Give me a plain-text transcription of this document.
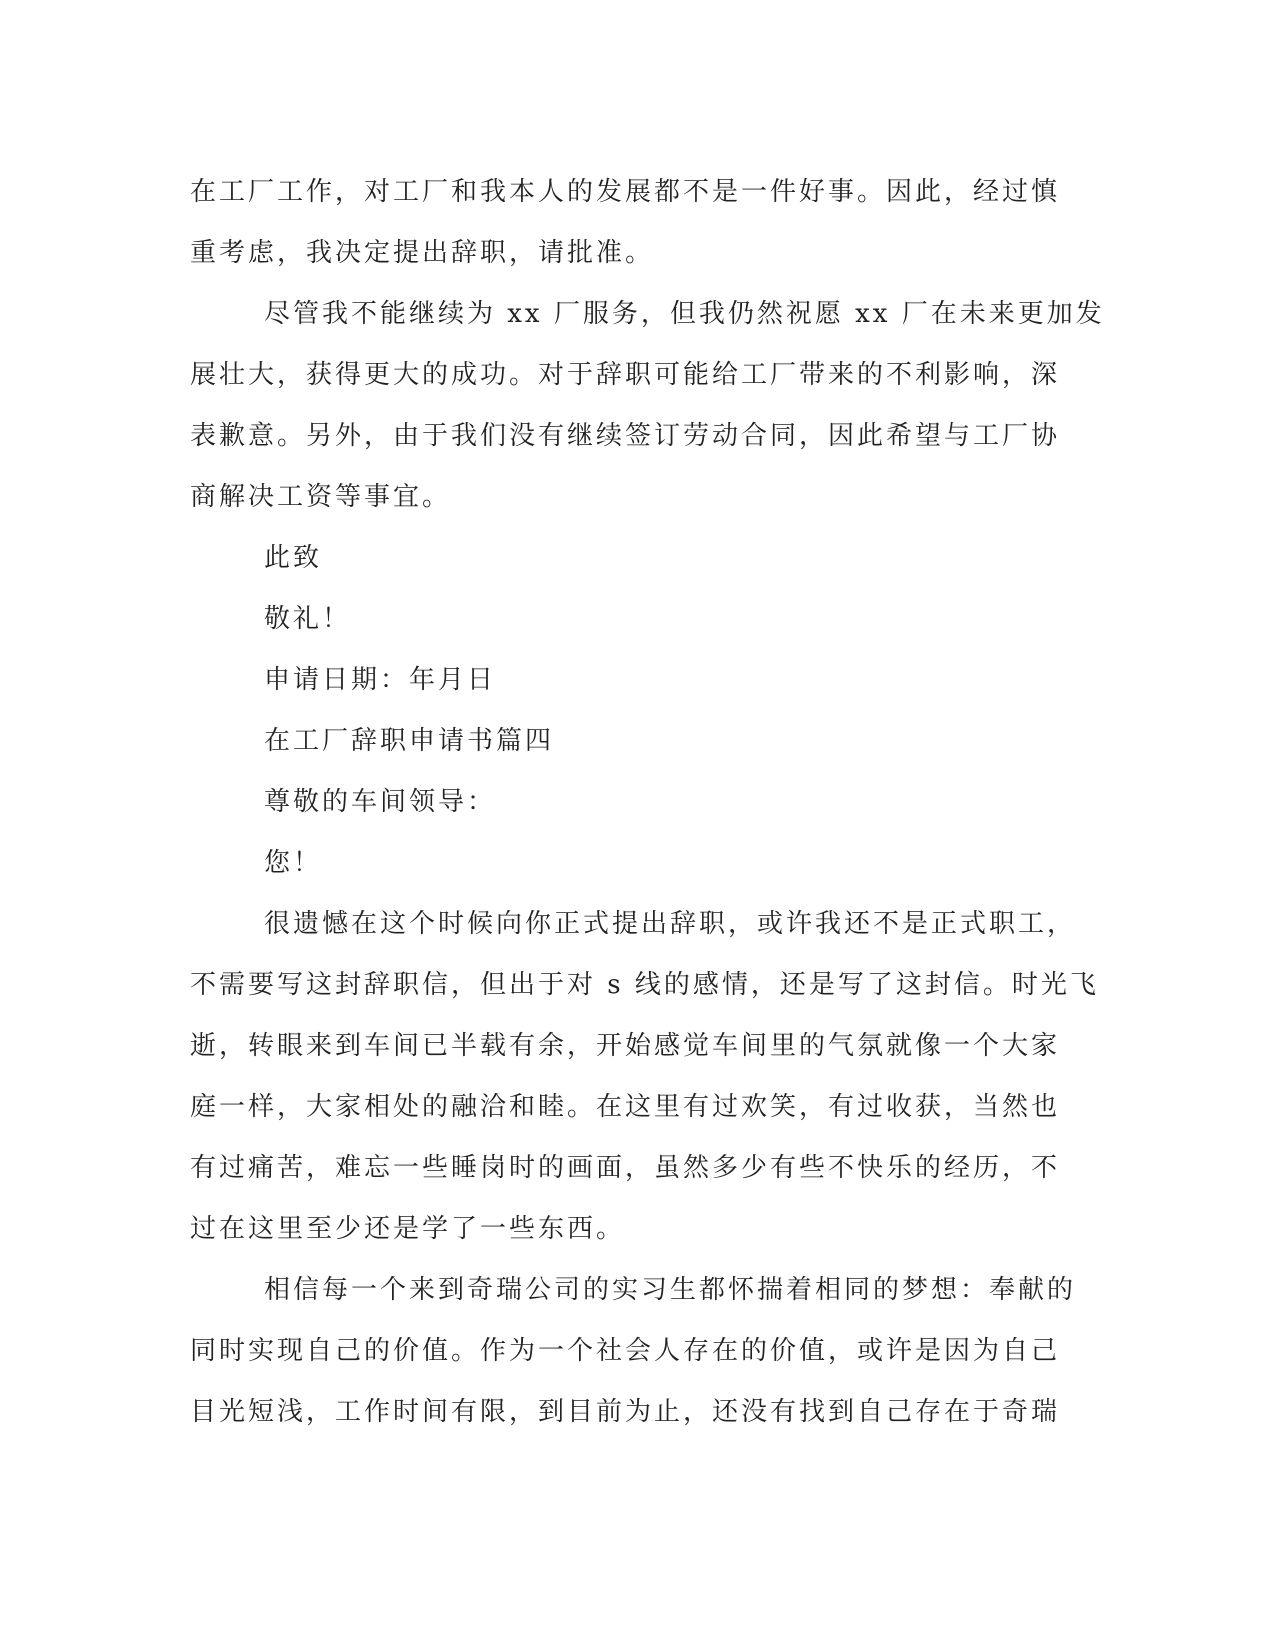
在工厂工作，对工厂和我本人的发展都不是一件好事。因此，经过慎
重考虑，我决定提出辞职，请批准。
尽管我不能继续为 xx 厂服务，但我仍然祝愿 xx 厂在未来更加发
展壮大，获得更大的成功。对于辞职可能给工厂带来的不利影响，深
表歉意。另外，由于我们没有继续签订劳动合同，因此希望与工厂协
商解决工资等事宜。
此致
敬礼！
申请日期：年月日
在工厂辞职申请书篇四
尊敬的车间领导：
您！
很遗憾在这个时候向你正式提出辞职，或许我还不是正式职工，
不需要写这封辞职信，但出于对 s 线的感情，还是写了这封信。时光飞
逝，转眼来到车间已半载有余，开始感觉车间里的气氛就像一个大家
庭一样，大家相处的融洽和睦。在这里有过欢笑，有过收获，当然也
有过痛苦，难忘一些睡岗时的画面，虽然多少有些不快乐的经历，不
过在这里至少还是学了一些东西。
相信每一个来到奇瑞公司的实习生都怀揣着相同的梦想：奉献的
同时实现自己的价值。作为一个社会人存在的价值，或许是因为自己
目光短浅，工作时间有限，到目前为止，还没有找到自己存在于奇瑞
